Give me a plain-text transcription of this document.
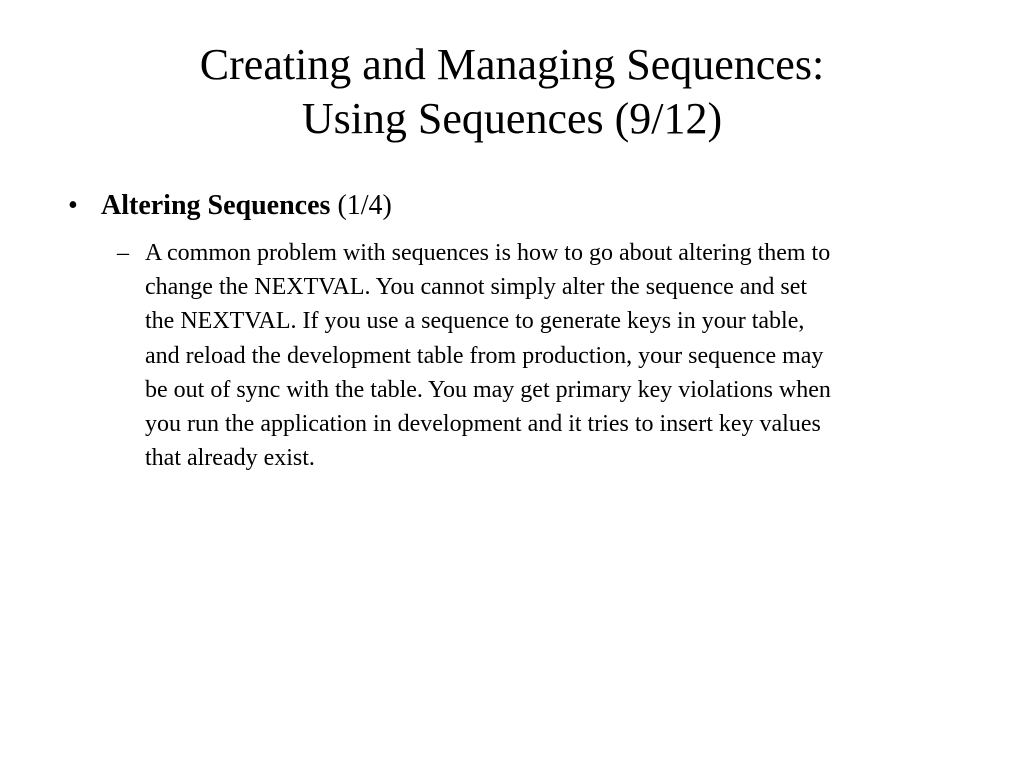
Creating and Managing Sequences:
Using Sequences (9/12)
• Altering Sequences (1/4)
– A common problem with sequences is how to go about altering them to
change the NEXTVAL. You cannot simply alter the sequence and set
the NEXTVAL. If you use a sequence to generate keys in your table,
and reload the development table from production, your sequence may
be out of sync with the table. You may get primary key violations when
you run the application in development and it tries to insert key values
that already exist.
